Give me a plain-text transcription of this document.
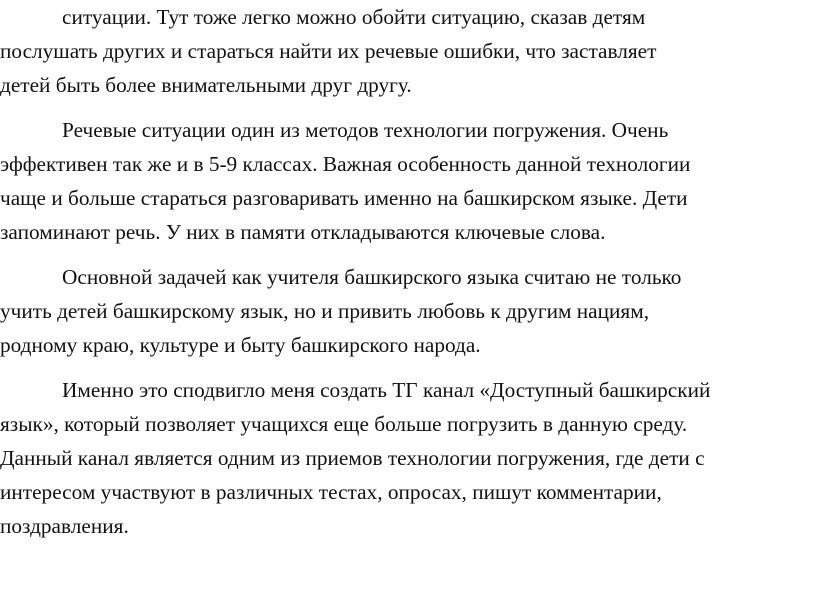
ситуации. Тут тоже легко можно обойти ситуацию, сказав детям
послушать других и стараться найти их речевые ошибки, что заставляет
детей быть более внимательными друг другу.
Речевые ситуации один из методов технологии погружения. Очень
эффективен так же и в 5-9 классах. Важная особенность данной технологии
чаще и больше стараться разговаривать именно на башкирском языке. Дети
запоминают речь. У них в памяти откладываются ключевые слова.
Основной задачей как учителя башкирского языка считаю не только
учить детей башкирскому язык, но и привить любовь к другим нациям,
родному краю, культуре и быту башкирского народа.
Именно это сподвигло меня создать ТГ канал «Доступный башкирский
язык», который позволяет учащихся еще больше погрузить в данную среду.
Данный канал является одним из приемов технологии погружения, где дети с
интересом участвуют в различных тестах, опросах, пишут комментарии,
поздравления.
